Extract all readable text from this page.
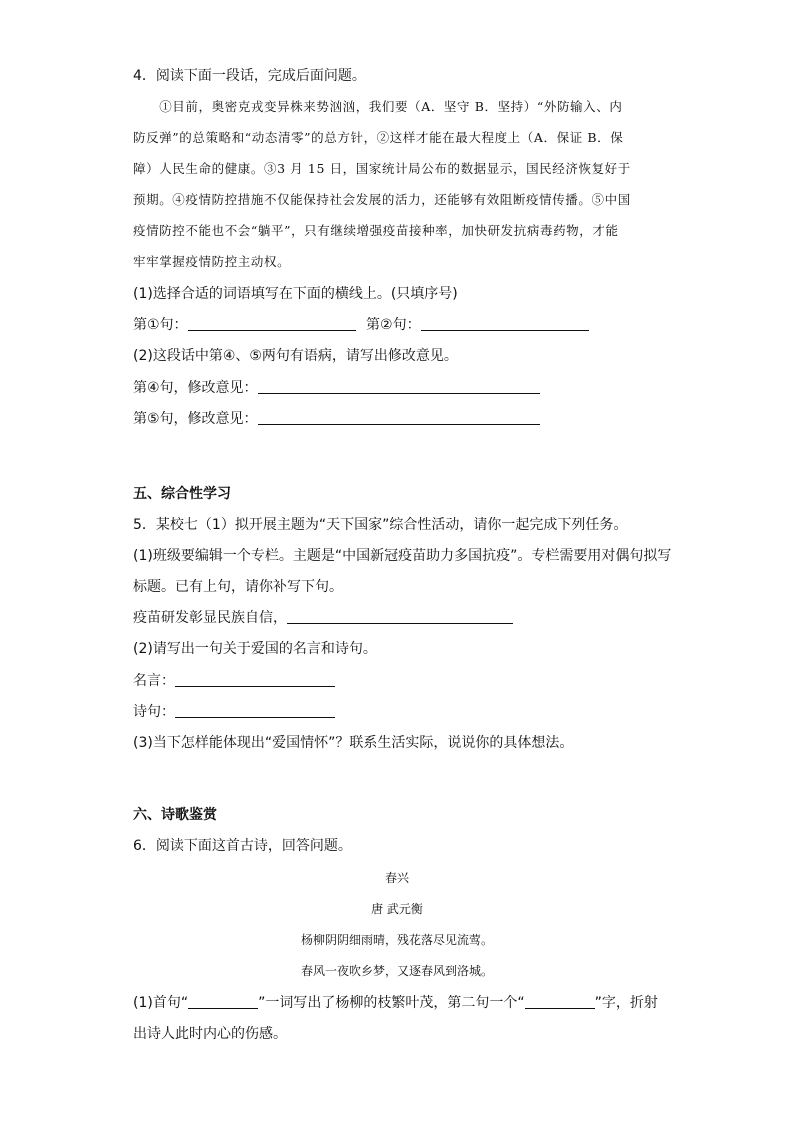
4．阅读下面一段话，完成后面问题。
　　①目前，奥密克戎变异株来势汹汹，我们要（A．坚守 B．坚持）“外防输入、内
防反弹”的总策略和“动态清零”的总方针，②这样才能在最大程度上（A．保证 B．保
障）人民生命的健康。③3 月 15 日，国家统计局公布的数据显示，国民经济恢复好于
预期。④疫情防控措施不仅能保持社会发展的活力，还能够有效阻断疫情传播。⑤中国
疫情防控不能也不会“躺平”，只有继续增强疫苗接种率，加快研发抗病毒药物，才能
牢牢掌握疫情防控主动权。
(1)选择合适的词语填写在下面的横线上。(只填序号)
第①句：	第②句：
(2)这段话中第④、⑤两句有语病，请写出修改意见。
第④句，修改意见：
第⑤句，修改意见：
五、综合性学习
5．某校七（1）拟开展主题为“天下国家”综合性活动，请你一起完成下列任务。
(1)班级要编辑一个专栏。主题是“中国新冠疫苗助力多国抗疫”。专栏需要用对偶句拟写
标题。已有上句，请你补写下句。
疫苗研发彰显民族自信，
(2)请写出一句关于爱国的名言和诗句。
名言：
诗句：
(3)当下怎样能体现出“爱国情怀”？联系生活实际，说说你的具体想法。
六、诗歌鉴赏
6．阅读下面这首古诗，回答问题。
春兴
唐 武元衡
杨柳阴阴细雨晴，残花落尽见流莺。
春风一夜吹乡梦，又逐春风到洛城。
(1)首句“	”一词写出了杨柳的枝繁叶茂，第二句一个“	”字，折射
出诗人此时内心的伤感。
